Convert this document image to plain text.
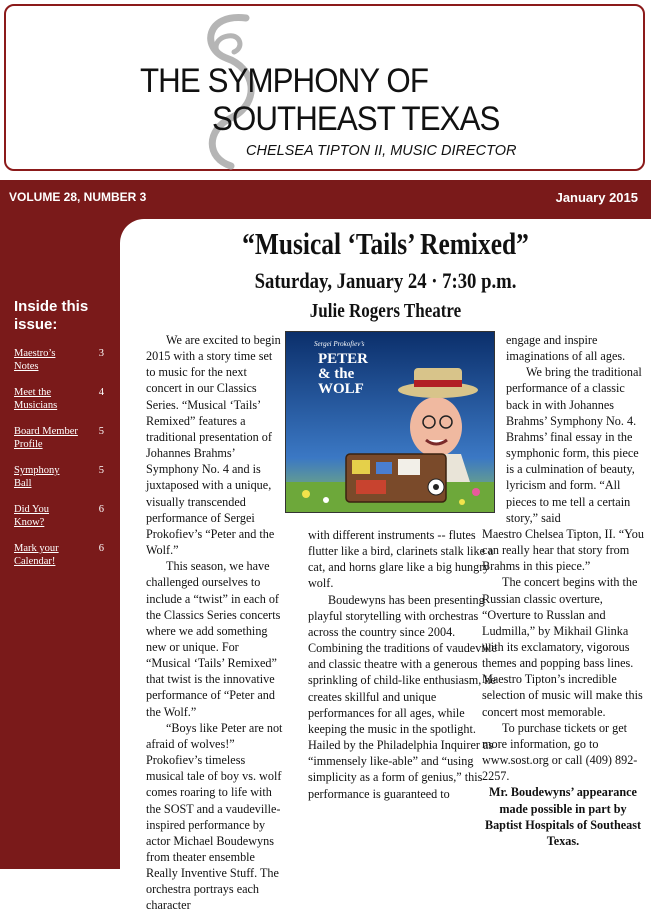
THE SYMPHONY OF
SOUTHEAST TEXAS
CHELSEA TIPTON II, MUSIC DIRECTOR
VOLUME 28, NUMBER 3	January 2015
Inside this issue:
Maestro’s Notes
3
Meet the Musicians
4
Board Member Profile
5
Symphony Ball
5
Did You Know?
6
Mark your Calendar!
6
“Musical ‘Tails’ Remixed”
Saturday, January 24 · 7:30 p.m.
Julie Rogers Theatre
Sergei Prokofiev’s
PETER & the WOLF

We are excited to begin 2015 with a story time set to music for the next concert in our Classics Series. “Musical ‘Tails’ Remixed” features a traditional presentation of Johannes Brahms’ Symphony No. 4 and is juxtaposed with a unique, visually transcended performance of Sergei Prokofiev’s “Peter and the Wolf.”

This season, we have challenged ourselves to include a “twist” in each of the Classics Series concerts where we add something new or unique. For “Musical ‘Tails’ Remixed” that twist is the innovative performance of “Peter and the Wolf.”

“Boys like Peter are not afraid of wolves!” Prokofiev’s timeless musical tale of boy vs. wolf comes roaring to life with the SOST and a vaudeville-inspired performance by actor Michael Boudewyns from theater ensemble Really Inventive Stuff. The orchestra portrays each character

with different instruments -- flutes flutter like a bird, clarinets stalk like a cat, and horns glare like a big hungry wolf.

Boudewyns has been presenting playful storytelling with orchestras across the country since 2004. Combining the traditions of vaudeville and classic theatre with a generous sprinkling of child-like enthusiasm, he creates skillful and unique performances for all ages, while keeping the music in the spotlight. Hailed by the Philadelphia Inquirer as “immensely like-able” and “using simplicity as a form of genius,” this performance is guaranteed to

engage and inspire imaginations of all ages.

We bring the traditional performance of a classic back in with Johannes Brahms’ Symphony No. 4. Brahms’ final essay in the symphonic form, this piece is a culmination of beauty, lyricism and form. “All pieces to me tell a certain story,” said

Maestro Chelsea Tipton, II. “You can really hear that story from Brahms in this piece.”

The concert begins with the Russian classic overture, “Overture to Russlan and Ludmilla,” by Mikhail Glinka with its exclamatory, vigorous themes and popping bass lines. Maestro Tipton’s incredible selection of music will make this concert most memorable.

To purchase tickets or get more information, go to www.sost.org or call (409) 892-2257.

Mr. Boudewyns’ appearance made possible in part by Baptist Hospitals of Southeast Texas.
